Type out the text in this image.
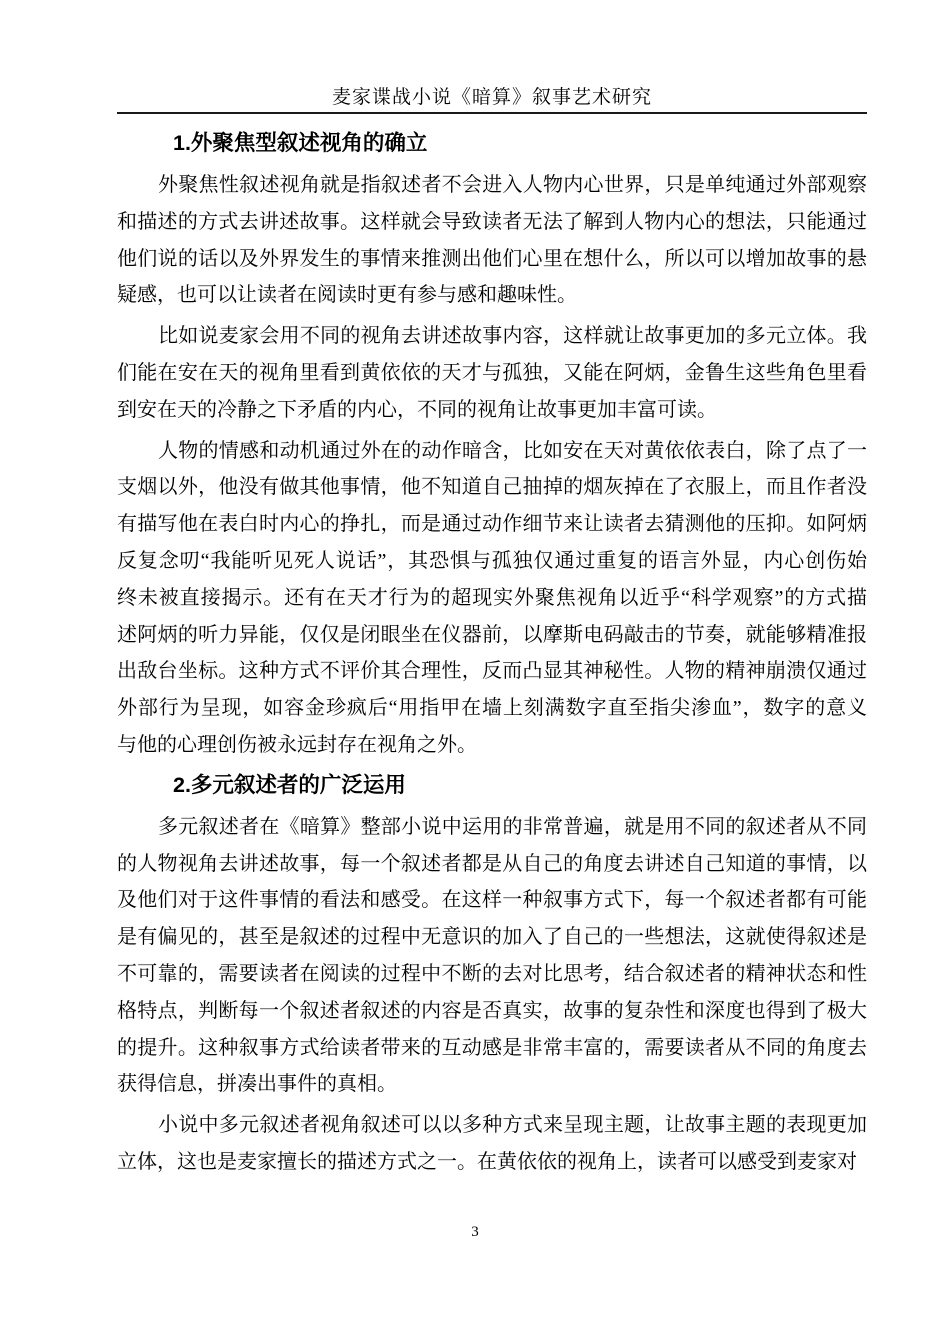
麦家谍战小说《暗算》叙事艺术研究
1.外聚焦型叙述视角的确立
外聚焦性叙述视角就是指叙述者不会进入人物内心世界，只是单纯通过外部观察
和描述的方式去讲述故事。这样就会导致读者无法了解到人物内心的想法，只能通过
他们说的话以及外界发生的事情来推测出他们心里在想什么，所以可以增加故事的悬
疑感，也可以让读者在阅读时更有参与感和趣味性。
比如说麦家会用不同的视角去讲述故事内容，这样就让故事更加的多元立体。我
们能在安在天的视角里看到黄依依的天才与孤独，又能在阿炳，金鲁生这些角色里看
到安在天的冷静之下矛盾的内心，不同的视角让故事更加丰富可读。
人物的情感和动机通过外在的动作暗含，比如安在天对黄依依表白，除了点了一
支烟以外，他没有做其他事情，他不知道自己抽掉的烟灰掉在了衣服上，而且作者没
有描写他在表白时内心的挣扎，而是通过动作细节来让读者去猜测他的压抑。如阿炳
反复念叨“我能听见死人说话”，其恐惧与孤独仅通过重复的语言外显，内心创伤始
终未被直接揭示。还有在天才行为的超现实外聚焦视角以近乎“科学观察”的方式描
述阿炳的听力异能，仅仅是闭眼坐在仪器前，以摩斯电码敲击的节奏，就能够精准报
出敌台坐标。这种方式不评价其合理性，反而凸显其神秘性。人物的精神崩溃仅通过
外部行为呈现，如容金珍疯后“用指甲在墙上刻满数字直至指尖渗血”，数字的意义
与他的心理创伤被永远封存在视角之外。
2.多元叙述者的广泛运用
多元叙述者在《暗算》整部小说中运用的非常普遍，就是用不同的叙述者从不同
的人物视角去讲述故事，每一个叙述者都是从自己的角度去讲述自己知道的事情，以
及他们对于这件事情的看法和感受。在这样一种叙事方式下，每一个叙述者都有可能
是有偏见的，甚至是叙述的过程中无意识的加入了自己的一些想法，这就使得叙述是
不可靠的，需要读者在阅读的过程中不断的去对比思考，结合叙述者的精神状态和性
格特点，判断每一个叙述者叙述的内容是否真实，故事的复杂性和深度也得到了极大
的提升。这种叙事方式给读者带来的互动感是非常丰富的，需要读者从不同的角度去
获得信息，拼凑出事件的真相。
小说中多元叙述者视角叙述可以以多种方式来呈现主题，让故事主题的表现更加
立体，这也是麦家擅长的描述方式之一。在黄依依的视角上，读者可以感受到麦家对
3
